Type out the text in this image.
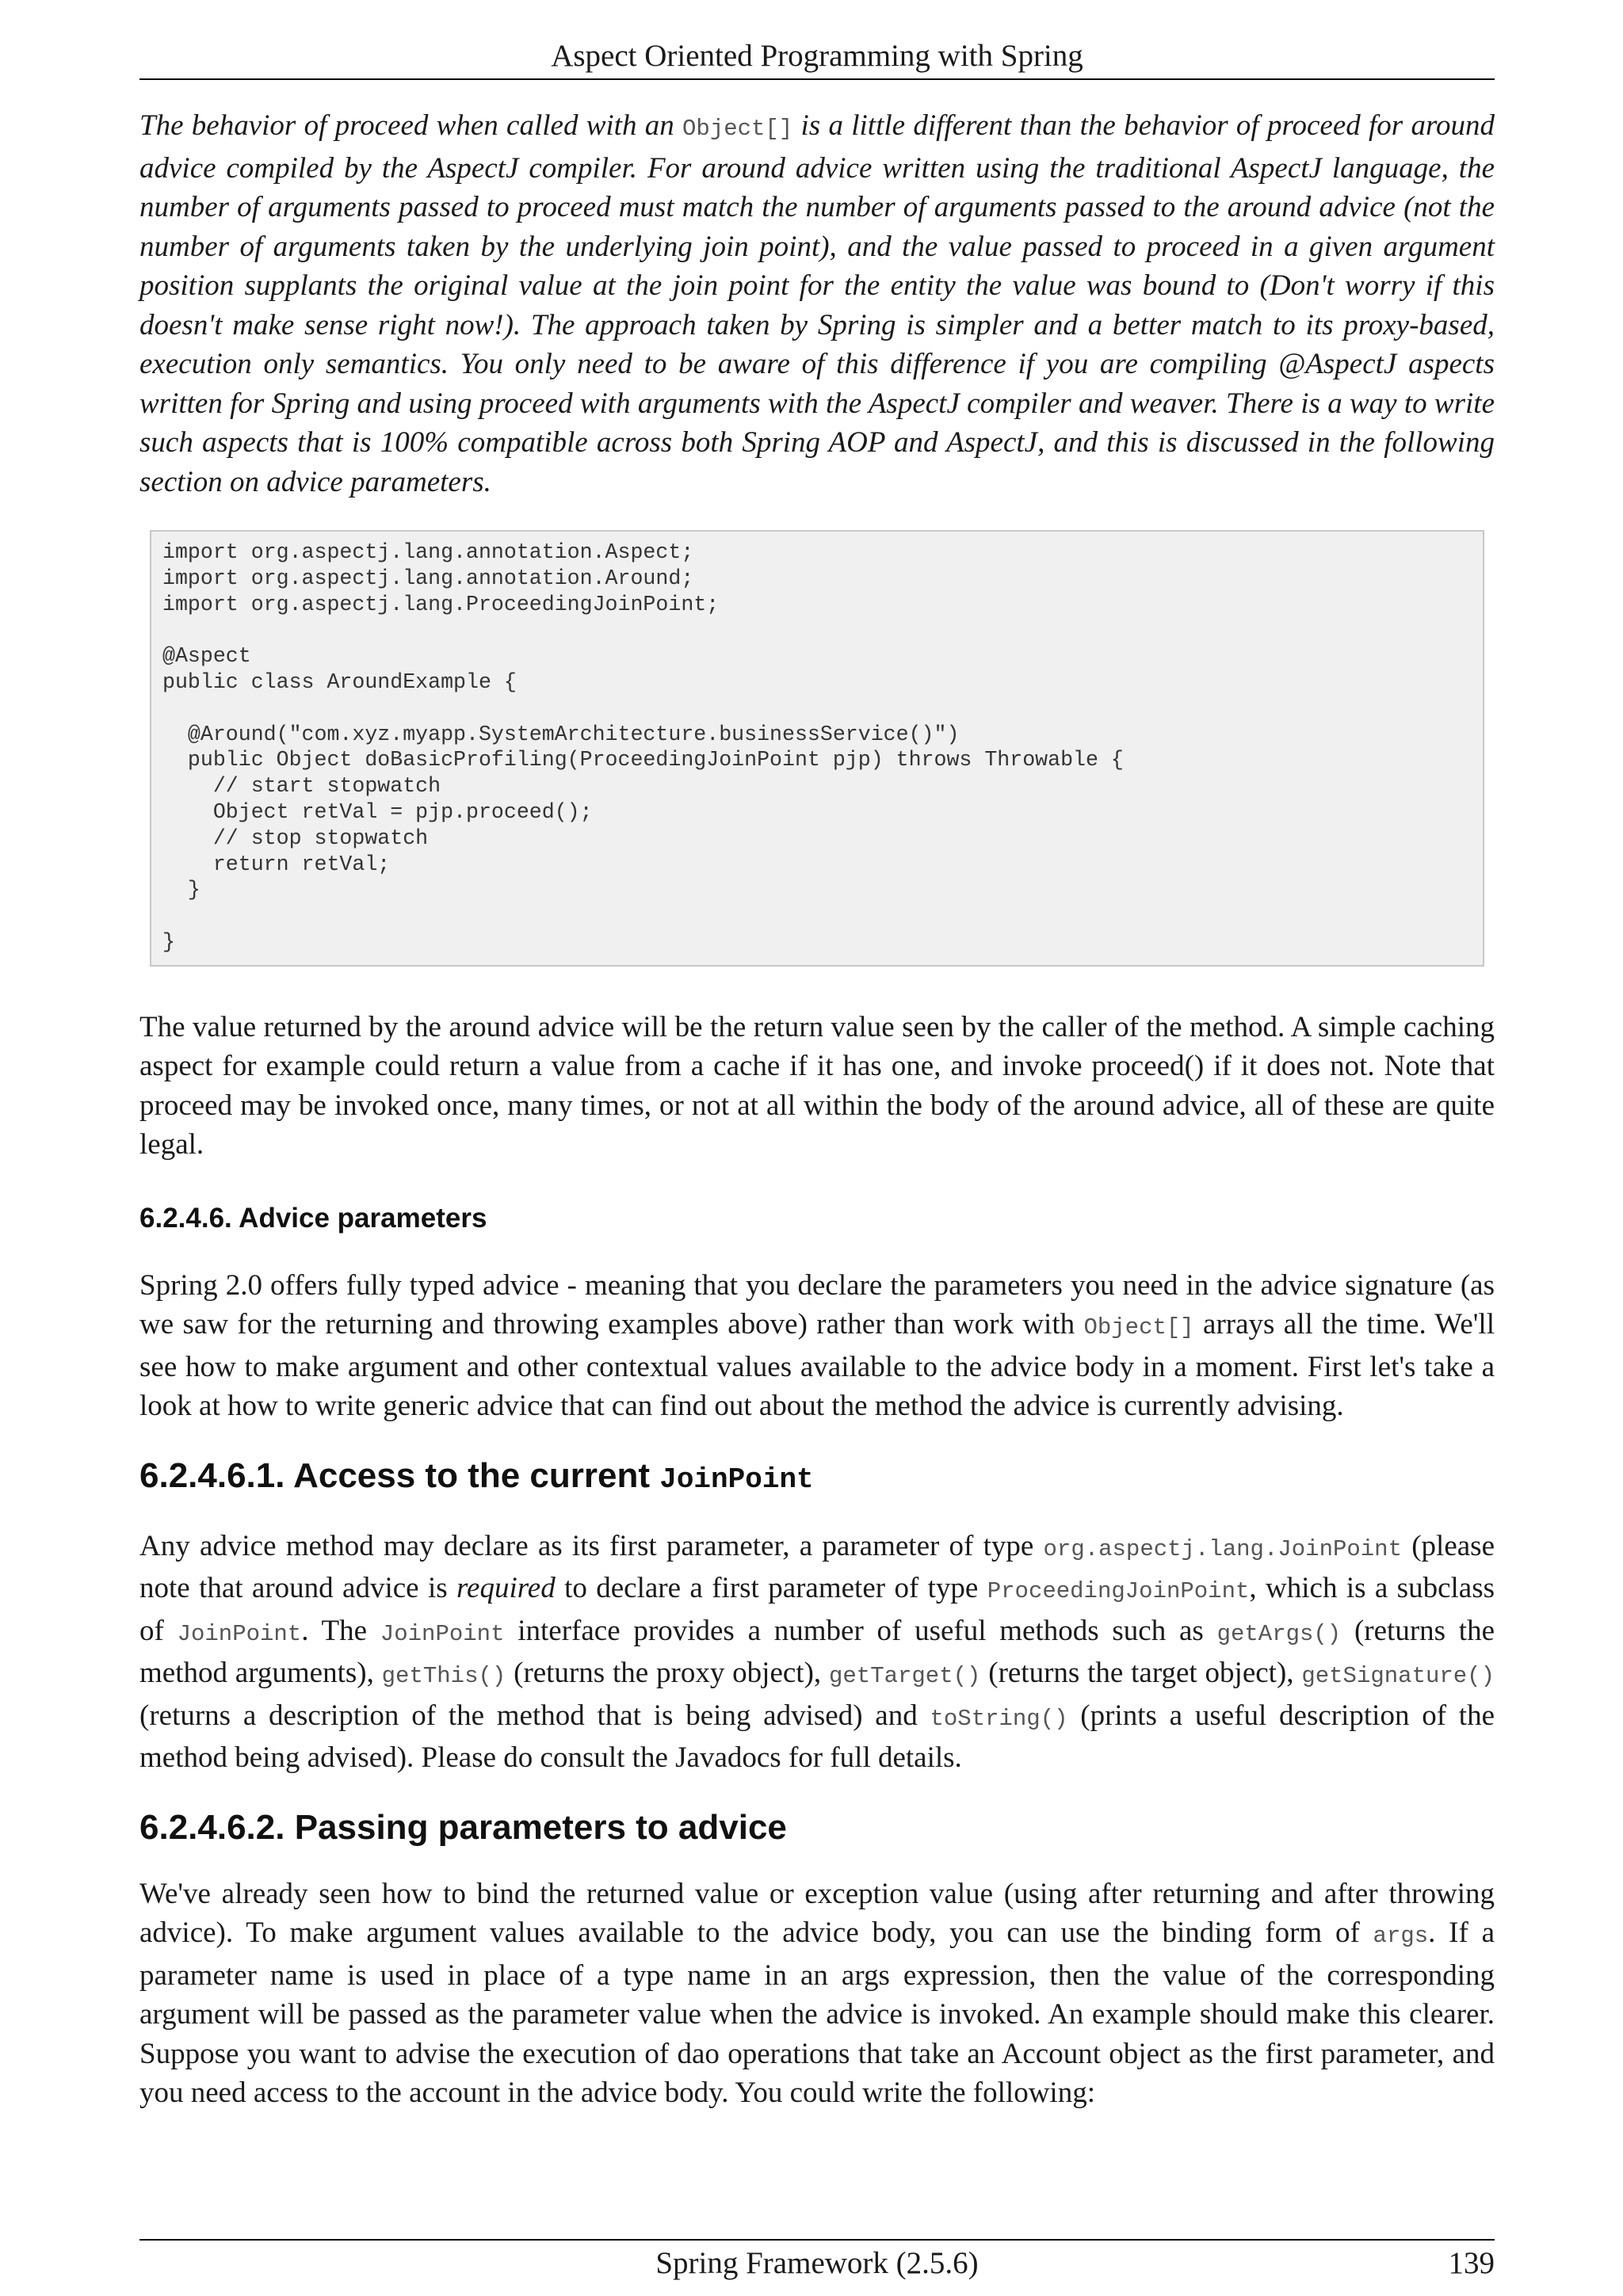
Aspect Oriented Programming with Spring

The behavior of proceed when called with an Object[] is a little different than the behavior of proceed for around advice compiled by the AspectJ compiler. For around advice written using the traditional AspectJ language, the number of arguments passed to proceed must match the number of arguments passed to the around advice (not the number of arguments taken by the underlying join point), and the value passed to proceed in a given argument position supplants the original value at the join point for the entity the value was bound to (Don't worry if this doesn't make sense right now!). The approach taken by Spring is simpler and a better match to its proxy-based, execution only semantics. You only need to be aware of this difference if you are compiling @AspectJ aspects written for Spring and using proceed with arguments with the AspectJ compiler and weaver. There is a way to write such aspects that is 100% compatible across both Spring AOP and AspectJ, and this is discussed in the following section on advice parameters.

import org.aspectj.lang.annotation.Aspect;
import org.aspectj.lang.annotation.Around;
import org.aspectj.lang.ProceedingJoinPoint;

@Aspect
public class AroundExample {

@Around("com.xyz.myapp.SystemArchitecture.businessService()")
public Object doBasicProfiling(ProceedingJoinPoint pjp) throws Throwable {
// start stopwatch
Object retVal = pjp.proceed();
// stop stopwatch
return retVal;
}

}

The value returned by the around advice will be the return value seen by the caller of the method. A simple caching aspect for example could return a value from a cache if it has one, and invoke proceed() if it does not. Note that proceed may be invoked once, many times, or not at all within the body of the around advice, all of these are quite legal.

6.2.4.6. Advice parameters

Spring 2.0 offers fully typed advice - meaning that you declare the parameters you need in the advice signature (as we saw for the returning and throwing examples above) rather than work with Object[] arrays all the time. We'll see how to make argument and other contextual values available to the advice body in a moment. First let's take a look at how to write generic advice that can find out about the method the advice is currently advising.

6.2.4.6.1. Access to the current JoinPoint

Any advice method may declare as its first parameter, a parameter of type org.aspectj.lang.JoinPoint (please note that around advice is required to declare a first parameter of type ProceedingJoinPoint, which is a subclass of JoinPoint. The JoinPoint interface provides a number of useful methods such as getArgs() (returns the method arguments), getThis() (returns the proxy object), getTarget() (returns the target object), getSignature() (returns a description of the method that is being advised) and toString() (prints a useful description of the method being advised). Please do consult the Javadocs for full details.

6.2.4.6.2. Passing parameters to advice

We've already seen how to bind the returned value or exception value (using after returning and after throwing advice). To make argument values available to the advice body, you can use the binding form of args. If a parameter name is used in place of a type name in an args expression, then the value of the corresponding argument will be passed as the parameter value when the advice is invoked. An example should make this clearer. Suppose you want to advise the execution of dao operations that take an Account object as the first parameter, and you need access to the account in the advice body. You could write the following:

Spring Framework (2.5.6)	139
